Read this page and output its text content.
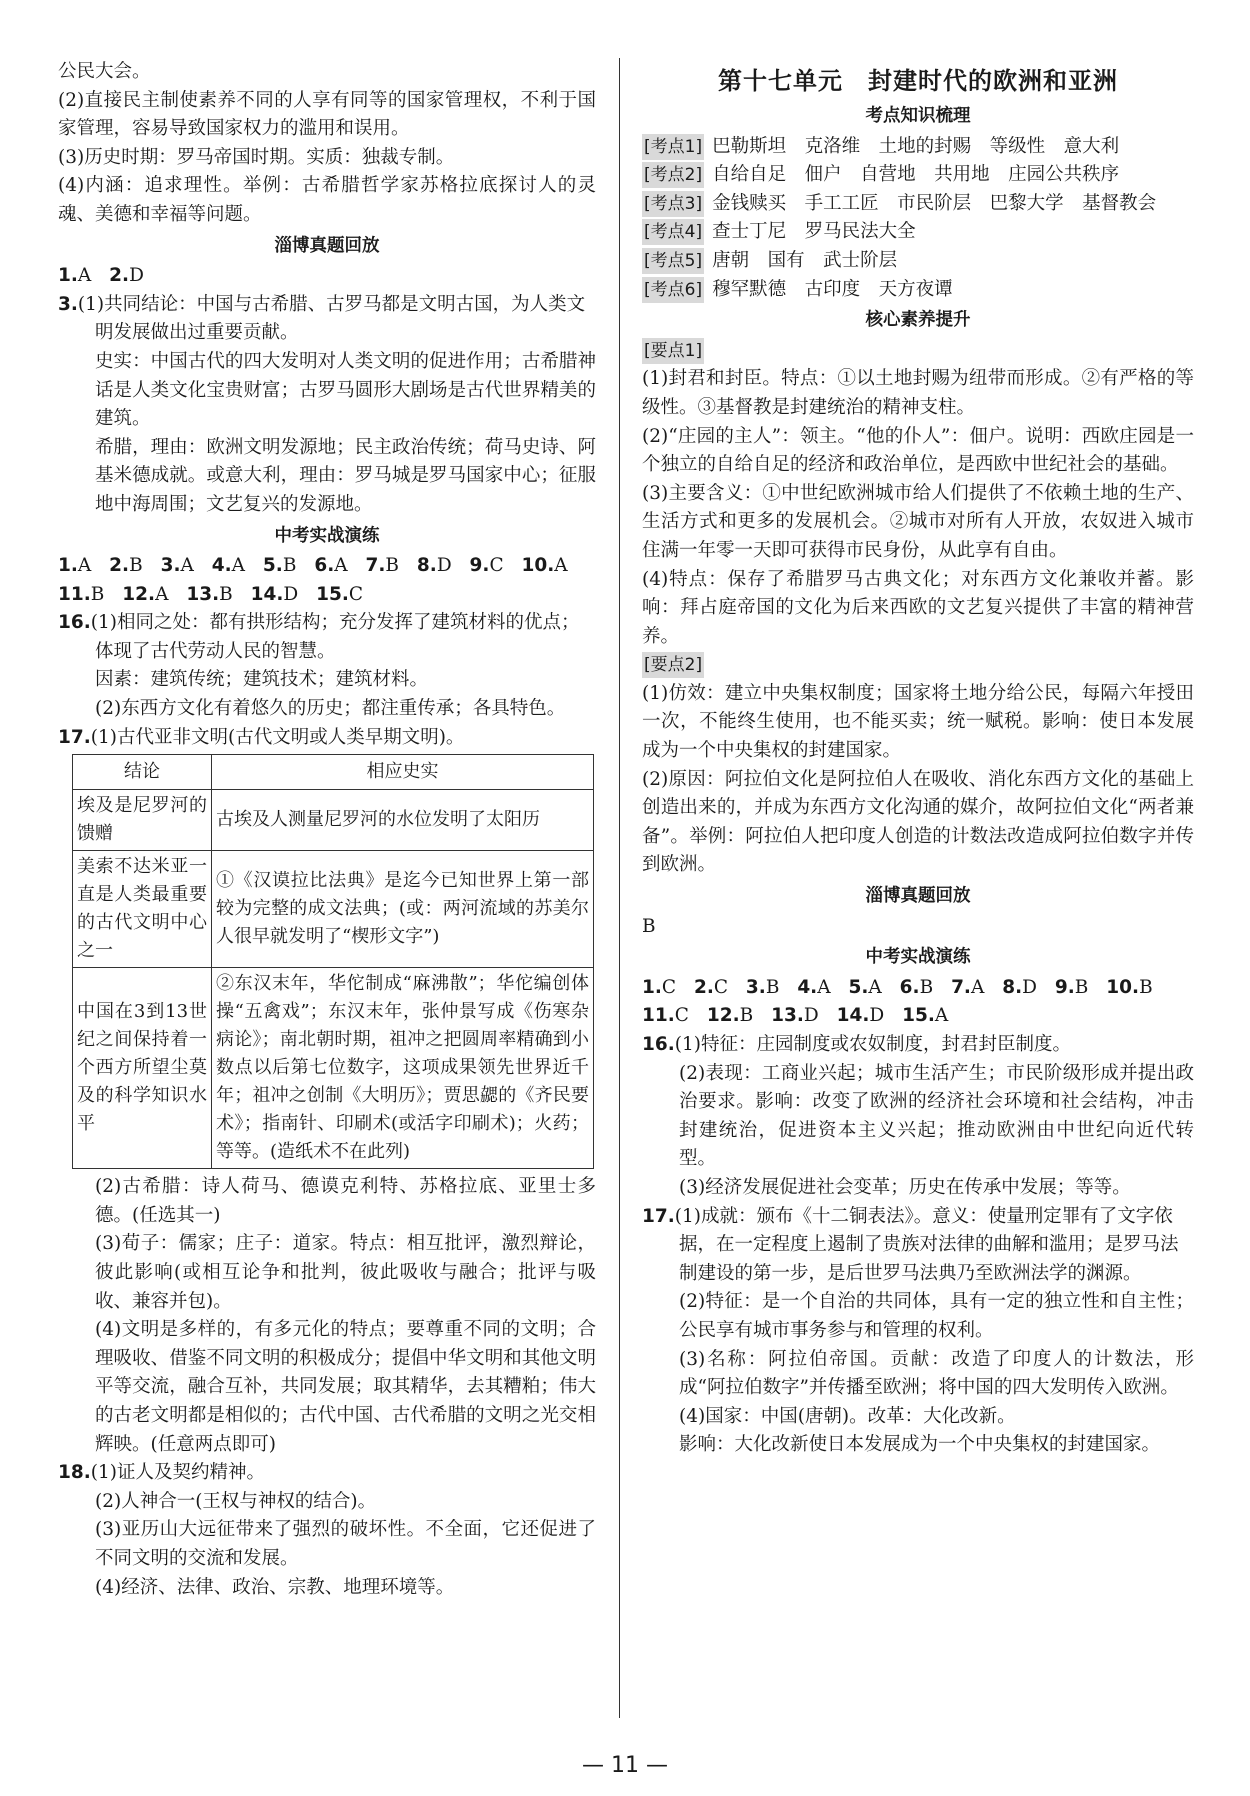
公民大会。

(2)直接民主制使素养不同的人享有同等的国家管理权，不利于国家管理，容易导致国家权力的滥用和误用。

(3)历史时期：罗马帝国时期。实质：独裁专制。

(4)内涵：追求理性。举例：古希腊哲学家苏格拉底探讨人的灵魂、美德和幸福等问题。

淄博真题回放

1.A 2.D

3.(1)共同结论：中国与古希腊、古罗马都是文明古国，为人类文明发展做出过重要贡献。

史实：中国古代的四大发明对人类文明的促进作用；古希腊神话是人类文化宝贵财富；古罗马圆形大剧场是古代世界精美的建筑。

希腊，理由：欧洲文明发源地；民主政治传统；荷马史诗、阿基米德成就。或意大利，理由：罗马城是罗马国家中心；征服地中海周围；文艺复兴的发源地。

中考实战演练

1.A 2.B 3.A 4.A 5.B 6.A 7.B 8.D 9.C 10.A

11.B 12.A 13.B 14.D 15.C

16.(1)相同之处：都有拱形结构；充分发挥了建筑材料的优点；体现了古代劳动人民的智慧。

因素：建筑传统；建筑技术；建筑材料。

(2)东西方文化有着悠久的历史；都注重传承；各具特色。

17.(1)古代亚非文明(古代文明或人类早期文明)。
结论	相应史实
埃及是尼罗河的馈赠	古埃及人测量尼罗河的水位发明了太阳历
美索不达米亚一直是人类最重要的古代文明中心之一	①《汉谟拉比法典》是迄今已知世界上第一部较为完整的成文法典；(或：两河流域的苏美尔人很早就发明了“楔形文字”)
中国在3到13世纪之间保持着一个西方所望尘莫及的科学知识水平	②东汉末年，华佗制成“麻沸散”；华佗编创体操“五禽戏”；东汉末年，张仲景写成《伤寒杂病论》；南北朝时期，祖冲之把圆周率精确到小数点以后第七位数字，这项成果领先世界近千年；祖冲之创制《大明历》；贾思勰的《齐民要术》；指南针、印刷术(或活字印刷术)；火药；等等。(造纸术不在此列)

(2)古希腊：诗人荷马、德谟克利特、苏格拉底、亚里士多德。(任选其一)

(3)荀子：儒家；庄子：道家。特点：相互批评，激烈辩论，彼此影响(或相互论争和批判，彼此吸收与融合；批评与吸收、兼容并包)。

(4)文明是多样的，有多元化的特点；要尊重不同的文明；合理吸收、借鉴不同文明的积极成分；提倡中华文明和其他文明平等交流，融合互补，共同发展；取其精华，去其糟粕；伟大的古老文明都是相似的；古代中国、古代希腊的文明之光交相辉映。(任意两点即可)

18.(1)证人及契约精神。

(2)人神合一(王权与神权的结合)。

(3)亚历山大远征带来了强烈的破坏性。不全面，它还促进了不同文明的交流和发展。

(4)经济、法律、政治、宗教、地理环境等。

第十七单元　封建时代的欧洲和亚洲
考点知识梳理
[考点1] 巴勒斯坦　克洛维　土地的封赐　等级性　意大利
[考点2] 自给自足　佃户　自营地　共用地　庄园公共秩序
[考点3] 金钱赎买　手工工匠　市民阶层　巴黎大学　基督教会
[考点4] 查士丁尼　罗马民法大全
[考点5] 唐朝　国有　武士阶层
[考点6] 穆罕默德　古印度　天方夜谭
核心素养提升
[要点1]

(1)封君和封臣。特点：①以土地封赐为纽带而形成。②有严格的等级性。③基督教是封建统治的精神支柱。

(2)“庄园的主人”：领主。“他的仆人”：佃户。说明：西欧庄园是一个独立的自给自足的经济和政治单位，是西欧中世纪社会的基础。

(3)主要含义：①中世纪欧洲城市给人们提供了不依赖土地的生产、生活方式和更多的发展机会。②城市对所有人开放，农奴进入城市住满一年零一天即可获得市民身份，从此享有自由。

(4)特点：保存了希腊罗马古典文化；对东西方文化兼收并蓄。影响：拜占庭帝国的文化为后来西欧的文艺复兴提供了丰富的精神营养。

[要点2]

(1)仿效：建立中央集权制度；国家将土地分给公民，每隔六年授田一次，不能终生使用，也不能买卖；统一赋税。影响：使日本发展成为一个中央集权的封建国家。

(2)原因：阿拉伯文化是阿拉伯人在吸收、消化东西方文化的基础上创造出来的，并成为东西方文化沟通的媒介，故阿拉伯文化“两者兼备”。举例：阿拉伯人把印度人创造的计数法改造成阿拉伯数字并传到欧洲。

淄博真题回放

B

中考实战演练

1.C 2.C 3.B 4.A 5.A 6.B 7.A 8.D 9.B 10.B

11.C 12.B 13.D 14.D 15.A

16.(1)特征：庄园制度或农奴制度，封君封臣制度。

(2)表现：工商业兴起；城市生活产生；市民阶级形成并提出政治要求。影响：改变了欧洲的经济社会环境和社会结构，冲击封建统治，促进资本主义兴起；推动欧洲由中世纪向近代转型。

(3)经济发展促进社会变革；历史在传承中发展；等等。

17.(1)成就：颁布《十二铜表法》。意义：使量刑定罪有了文字依据，在一定程度上遏制了贵族对法律的曲解和滥用；是罗马法制建设的第一步，是后世罗马法典乃至欧洲法学的渊源。

(2)特征：是一个自治的共同体，具有一定的独立性和自主性；公民享有城市事务参与和管理的权利。

(3)名称：阿拉伯帝国。贡献：改造了印度人的计数法，形成“阿拉伯数字”并传播至欧洲；将中国的四大发明传入欧洲。

(4)国家：中国(唐朝)。改革：大化改新。

影响：大化改新使日本发展成为一个中央集权的封建国家。

— 11 —
